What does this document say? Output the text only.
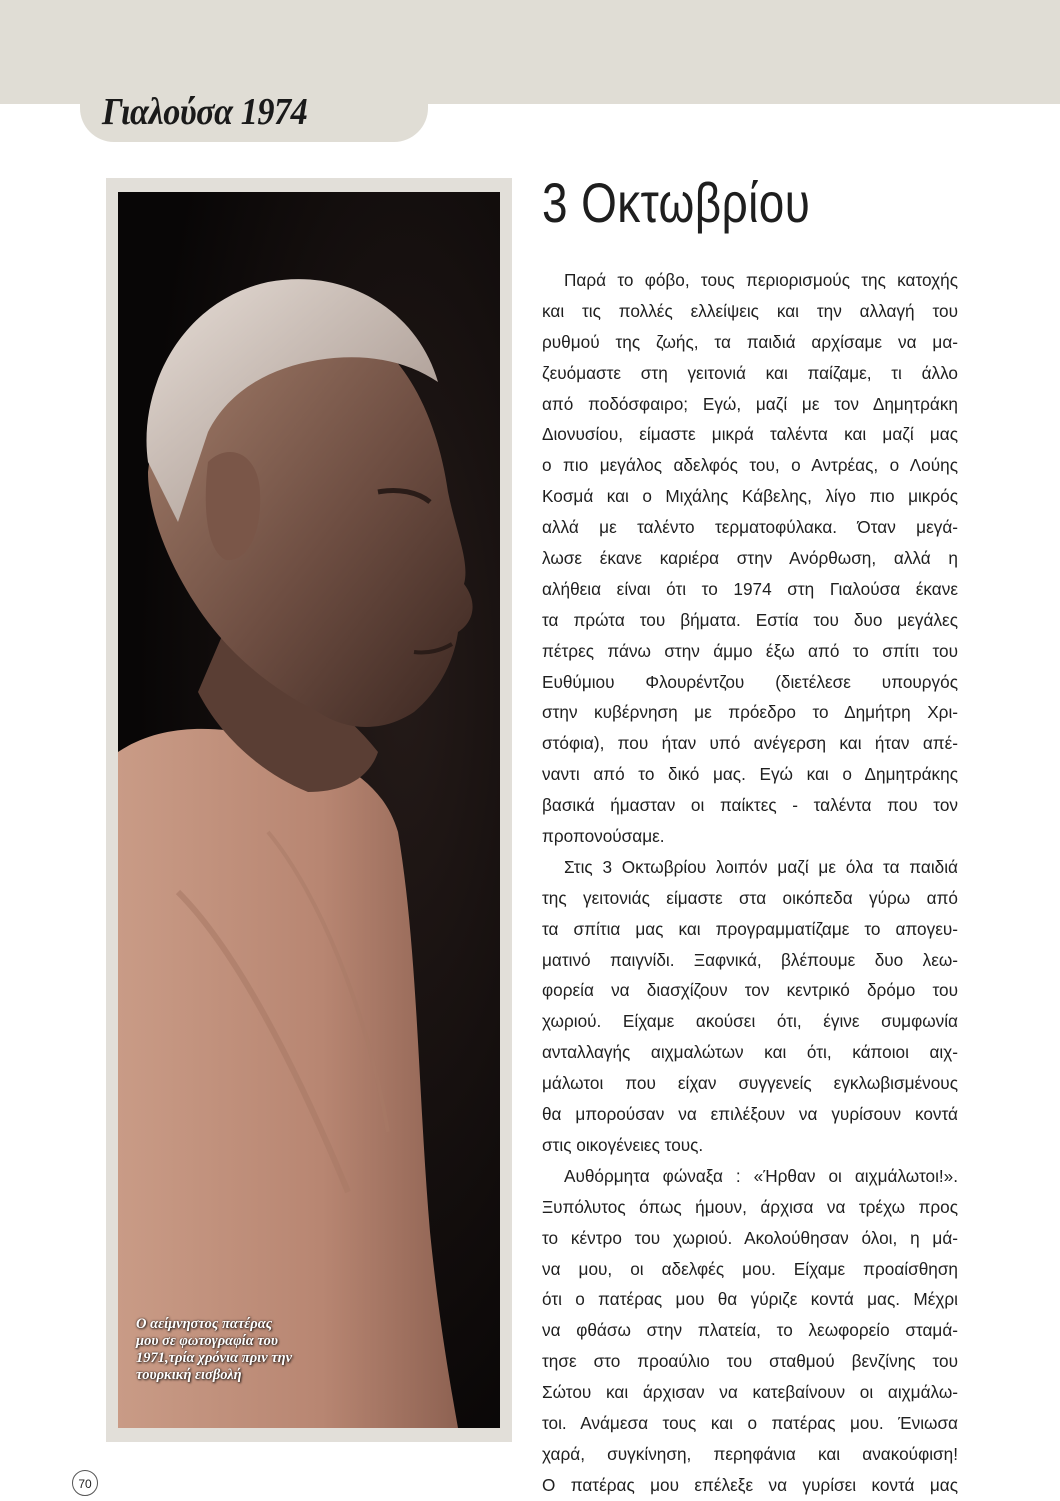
Γιαλούσα 1974
Ο αείμνηστος πατέρας
μου σε φωτογραφία του
1971,τρία χρόνια πριν την
τουρκική εισβολή
3 Οκτωβρίου
Παρά το φόβο, τους περιορισμούς της κατοχής
και τις πολλές ελλείψεις και την αλλαγή του
ρυθμού της ζωής, τα παιδιά αρχίσαμε να μα-
ζευόμαστε στη γειτονιά και παίζαμε, τι άλλο
από ποδόσφαιρο; Εγώ, μαζί με τον Δημητράκη
Διονυσίου, είμαστε μικρά ταλέντα και μαζί μας
ο πιο μεγάλος αδελφός του, ο Αντρέας, ο Λούης
Κοσμά και ο Μιχάλης Κάβελης, λίγο πιο μικρός
αλλά με ταλέντο τερματοφύλακα. Όταν μεγά-
λωσε έκανε καριέρα στην Ανόρθωση, αλλά η
αλήθεια είναι ότι το 1974 στη Γιαλούσα έκανε
τα πρώτα του βήματα. Εστία του δυο μεγάλες
πέτρες πάνω στην άμμο έξω από το σπίτι του
Ευθύμιου Φλουρέντζου (διετέλεσε υπουργός
στην κυβέρνηση με πρόεδρο το Δημήτρη Χρι-
στόφια), που ήταν υπό ανέγερση και ήταν απέ-
ναντι από το δικό μας. Εγώ και ο Δημητράκης
βασικά ήμασταν οι παίκτες - ταλέντα που τον
προπονούσαμε.
Στις 3 Οκτωβρίου λοιπόν μαζί με όλα τα παιδιά
της γειτονιάς είμαστε στα οικόπεδα γύρω από
τα σπίτια μας και προγραμματίζαμε το απογευ-
ματινό παιγνίδι. Ξαφνικά, βλέπουμε δυο λεω-
φορεία να διασχίζουν τον κεντρικό δρόμο του
χωριού. Είχαμε ακούσει ότι, έγινε συμφωνία
ανταλλαγής αιχμαλώτων και ότι, κάποιοι αιχ-
μάλωτοι που είχαν συγγενείς εγκλωβισμένους
θα μπορούσαν να επιλέξουν να γυρίσουν κοντά
στις οικογένειες τους.
Αυθόρμητα φώναξα : «Ήρθαν οι αιχμάλωτοι!».
Ξυπόλυτος όπως ήμουν, άρχισα να τρέχω προς
το κέντρο του χωριού. Ακολούθησαν όλοι, η μά-
να μου, οι αδελφές μου. Είχαμε προαίσθηση
ότι ο πατέρας μου θα γύριζε κοντά μας. Μέχρι
να φθάσω στην πλατεία, το λεωφορείο σταμά-
τησε στο προαύλιο του σταθμού βενζίνης του
Σώτου και άρχισαν να κατεβαίνουν οι αιχμάλω-
τοι. Ανάμεσα τους και ο πατέρας μου. Ένιωσα
χαρά, συγκίνηση, περηφάνια και ανακούφιση!
Ο πατέρας μου επέλεξε να γυρίσει κοντά μας
70
